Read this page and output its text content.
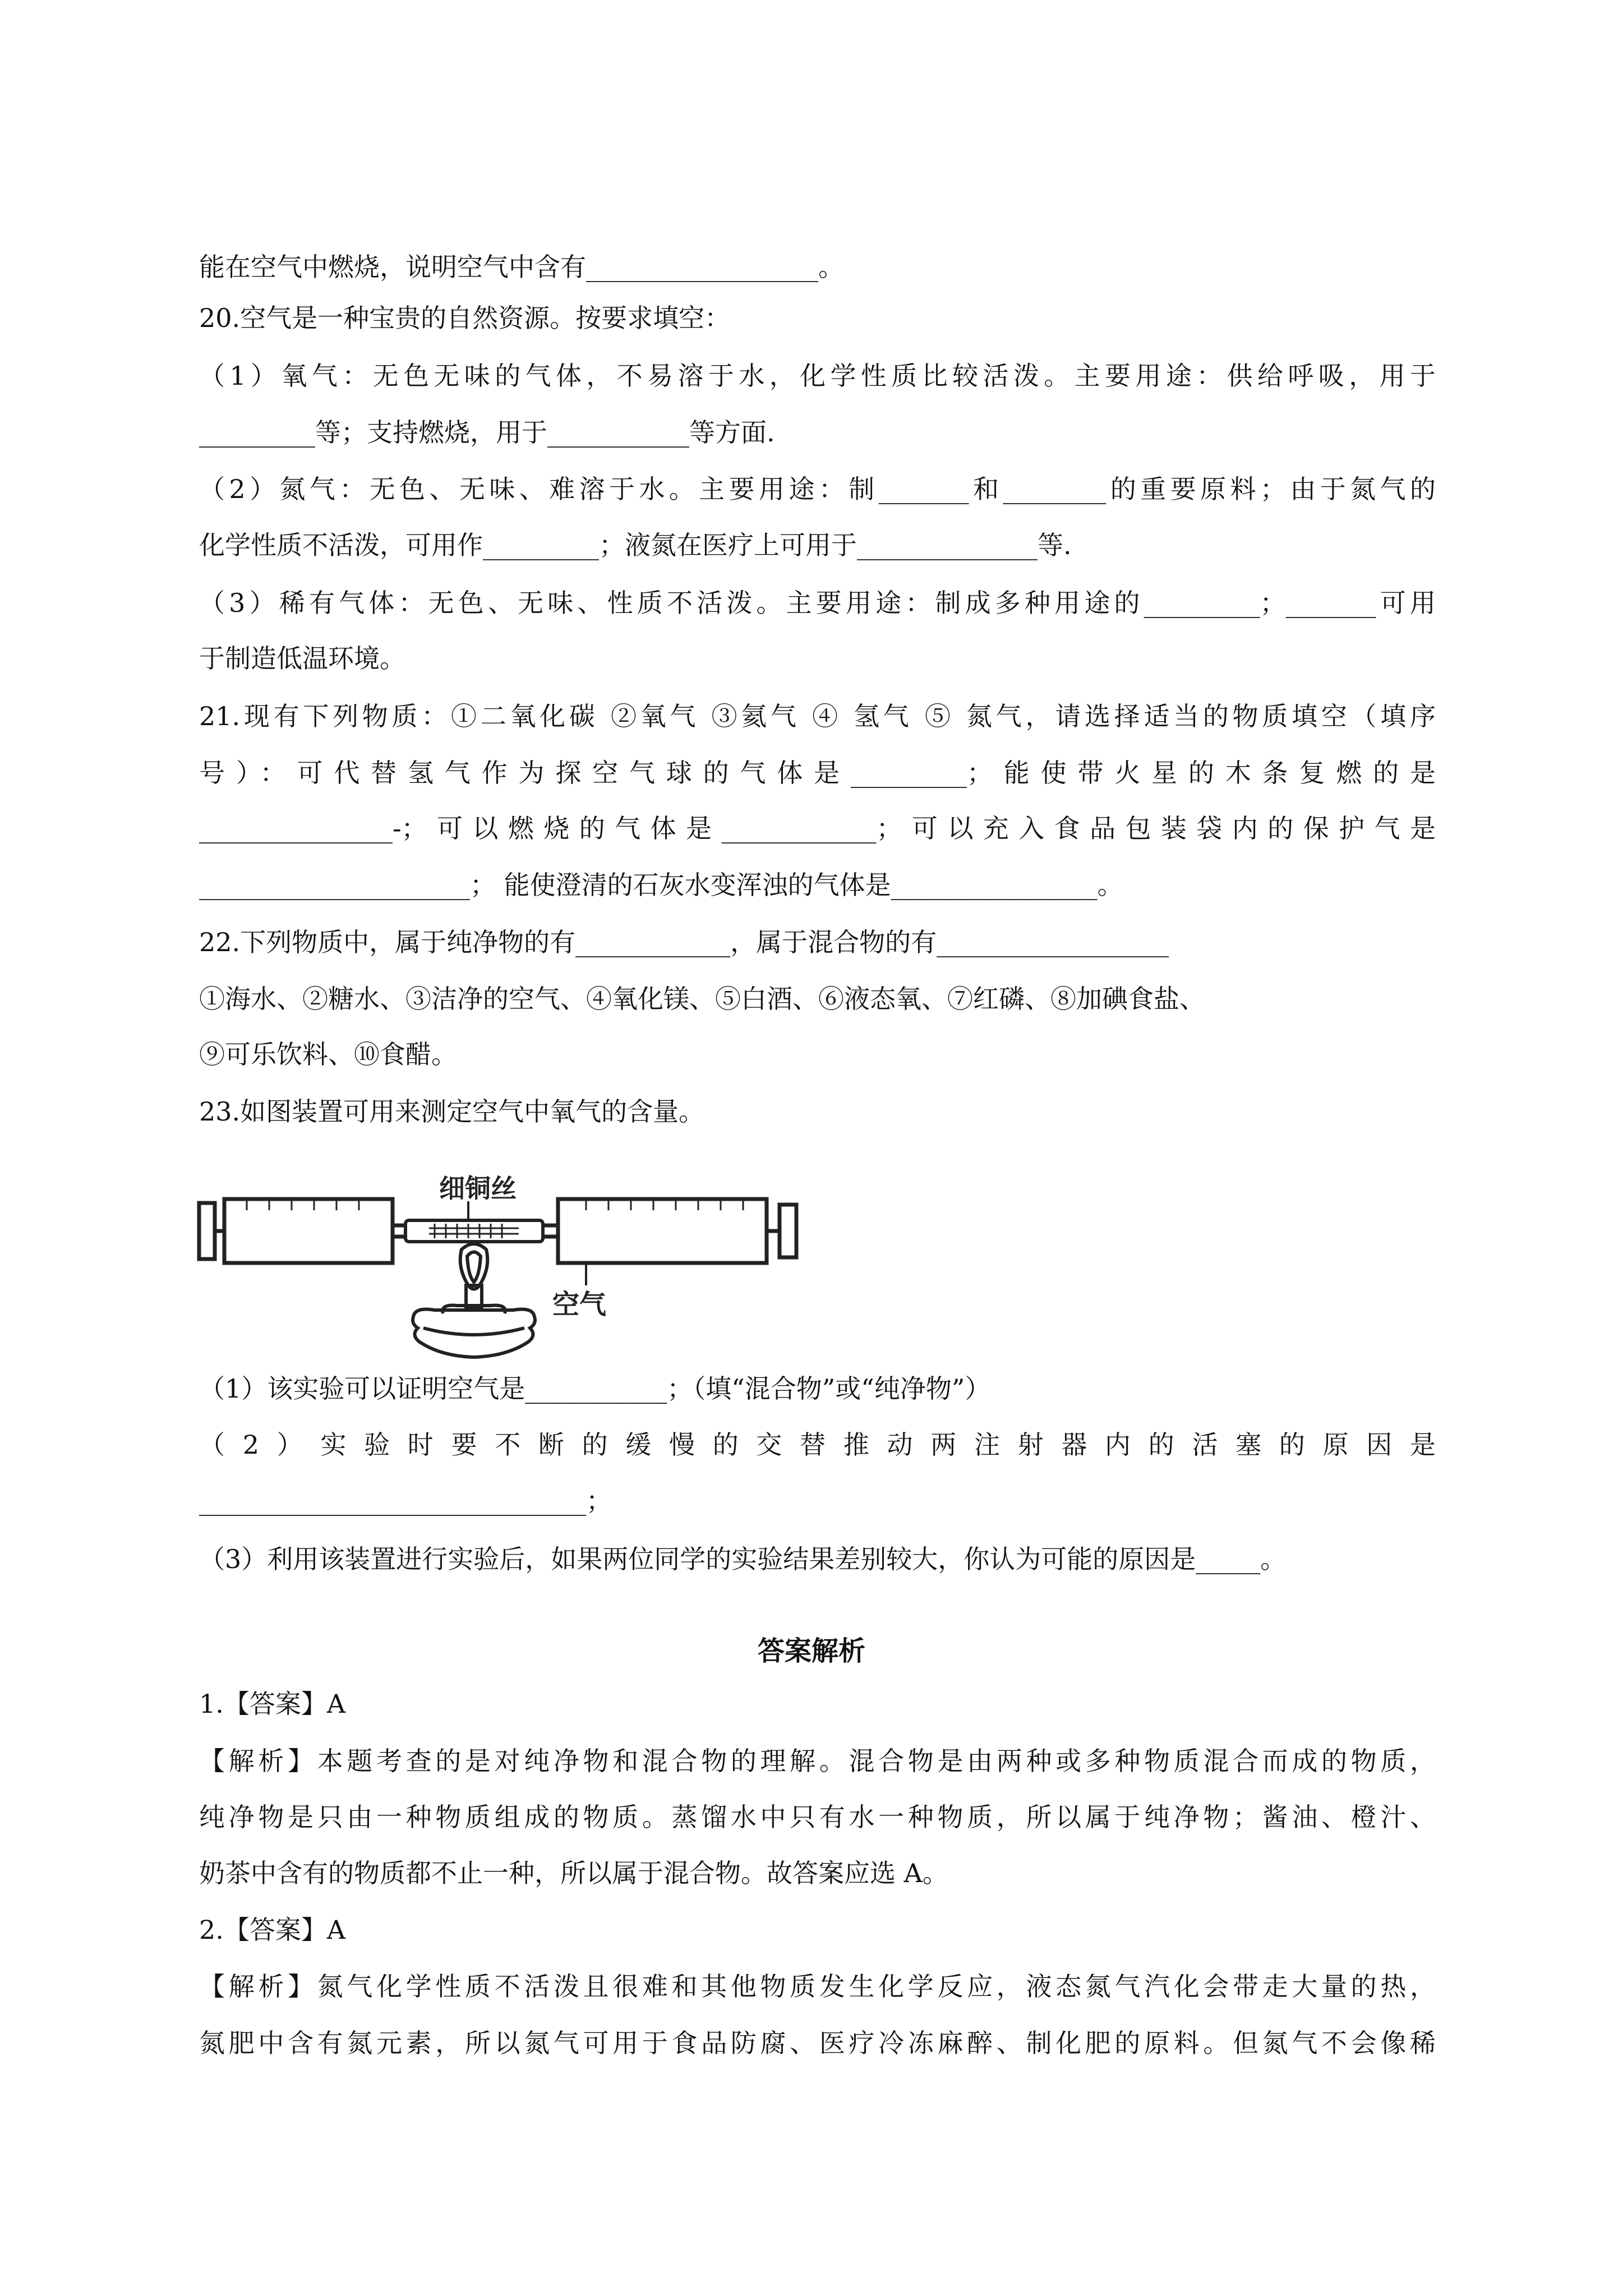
能在空气中燃烧，说明空气中含有__________________。
20.空气是一种宝贵的自然资源。按要求填空：
（1）氧气：无色无味的气体，不易溶于水，化学性质比较活泼。主要用途：供给呼吸，用于
_________等；支持燃烧，用于___________等方面.
（2）氮气：无色、无味、难溶于水。主要用途：制_______和________的重要原料；由于氮气的
化学性质不活泼，可用作_________；液氮在医疗上可用于______________等.
（3）稀有气体：无色、无味、性质不活泼。主要用途：制成多种用途的_________；_______可用
于制造低温环境。
21.现有下列物质：①二氧化碳 ②氧气 ③氦气 ④ 氢气 ⑤ 氮气，请选择适当的物质填空（填序
号）：可代替氢气作为探空气球的气体是_________；能使带火星的木条复燃的是
_______________-；可以燃烧的气体是____________；可以充入食品包装袋内的保护气是
_____________________； 能使澄清的石灰水变浑浊的气体是________________。
22.下列物质中，属于纯净物的有____________，属于混合物的有__________________
①海水、②糖水、③洁净的空气、④氧化镁、⑤白酒、⑥液态氧、⑦红磷、⑧加碘食盐、
⑨可乐饮料、⑩食醋。
23.如图装置可用来测定空气中氧气的含量。
细铜丝
空气
（1）该实验可以证明空气是___________；（填“混合物”或“纯净物”）
（2）实验时要不断的缓慢的交替推动两注射器内的活塞的原因是
______________________________；
（3）利用该装置进行实验后，如果两位同学的实验结果差别较大，你认为可能的原因是_____。
答案解析
1.【答案】A
【解析】本题考查的是对纯净物和混合物的理解。混合物是由两种或多种物质混合而成的物质，
纯净物是只由一种物质组成的物质。蒸馏水中只有水一种物质，所以属于纯净物；酱油、橙汁、
奶茶中含有的物质都不止一种，所以属于混合物。故答案应选 A。
2.【答案】A
【解析】氮气化学性质不活泼且很难和其他物质发生化学反应，液态氮气汽化会带走大量的热，
氮肥中含有氮元素，所以氮气可用于食品防腐、医疗冷冻麻醉、制化肥的原料。但氮气不会像稀
